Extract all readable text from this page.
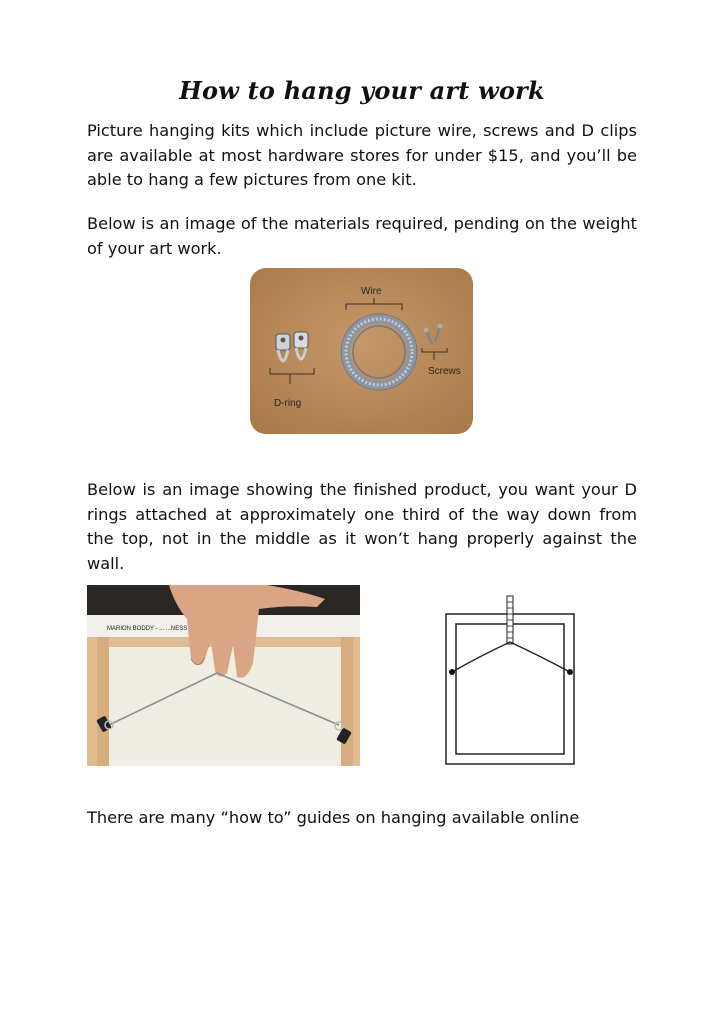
How to hang your art work

Picture hanging kits which include picture wire, screws and D clips are available at most hardware stores for under $15, and you’ll be able to hang a few pictures from one kit.

Below is an image of the materials required, pending on the weight of your art work.

Wire
D-ring
Screws

Below is an image showing the finished product, you want your D rings attached at approximately one third of the way down from the top, not in the middle as it won’t hang properly against the wall.

MARION BODDY - ... ...NESS

There are many “how to” guides on hanging available online
